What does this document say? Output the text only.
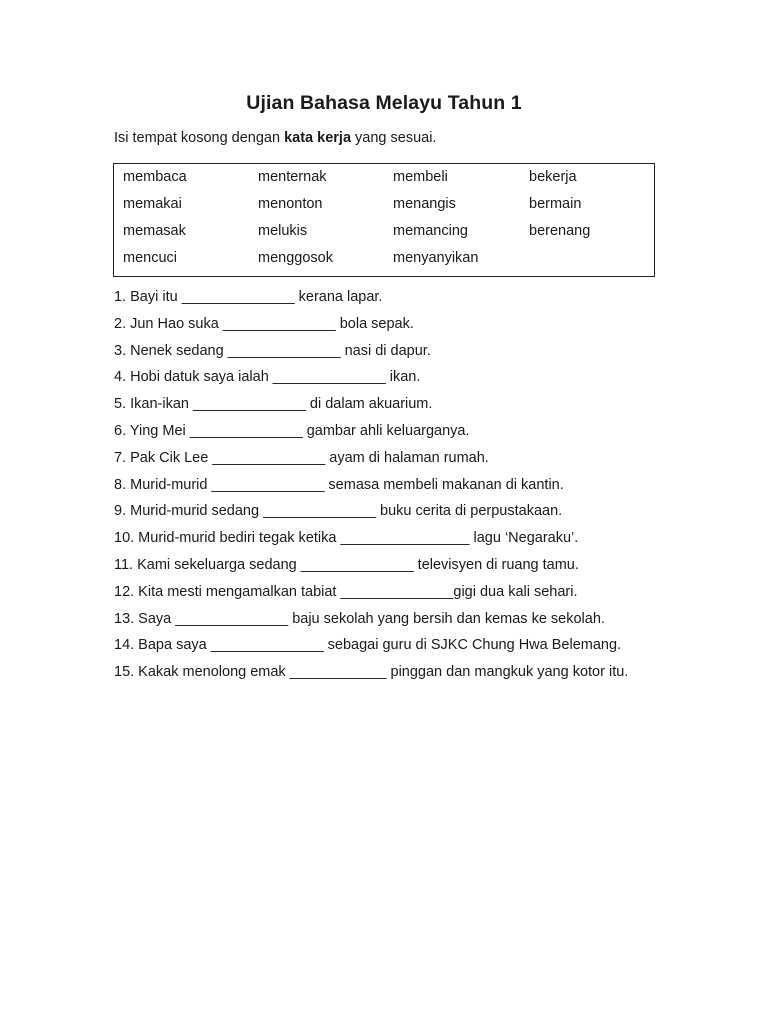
Ujian Bahasa Melayu Tahun 1
Isi tempat kosong dengan kata kerja yang sesuai.
membaca
memakai
memasak
mencuci
menternak
menonton
melukis
menggosok
membeli
menangis
memancing
menyanyikan
bekerja
bermain
berenang
1. Bayi itu ______________ kerana lapar.
2. Jun Hao suka ______________ bola sepak.
3. Nenek sedang ______________ nasi di dapur.
4. Hobi datuk saya ialah ______________ ikan.
5. Ikan-ikan ______________ di dalam akuarium.
6. Ying Mei ______________ gambar ahli keluarganya.
7. Pak Cik Lee ______________ ayam di halaman rumah.
8. Murid-murid ______________ semasa membeli makanan di kantin.
9. Murid-murid sedang ______________ buku cerita di perpustakaan.
10. Murid-murid bediri tegak ketika ________________ lagu ‘Negaraku’.
11. Kami sekeluarga sedang ______________ televisyen di ruang tamu.
12. Kita mesti mengamalkan tabiat ______________gigi dua kali sehari.
13. Saya ______________ baju sekolah yang bersih dan kemas ke sekolah.
14. Bapa saya ______________ sebagai guru di SJKC Chung Hwa Belemang.
15. Kakak menolong emak ____________ pinggan dan mangkuk yang kotor itu.
